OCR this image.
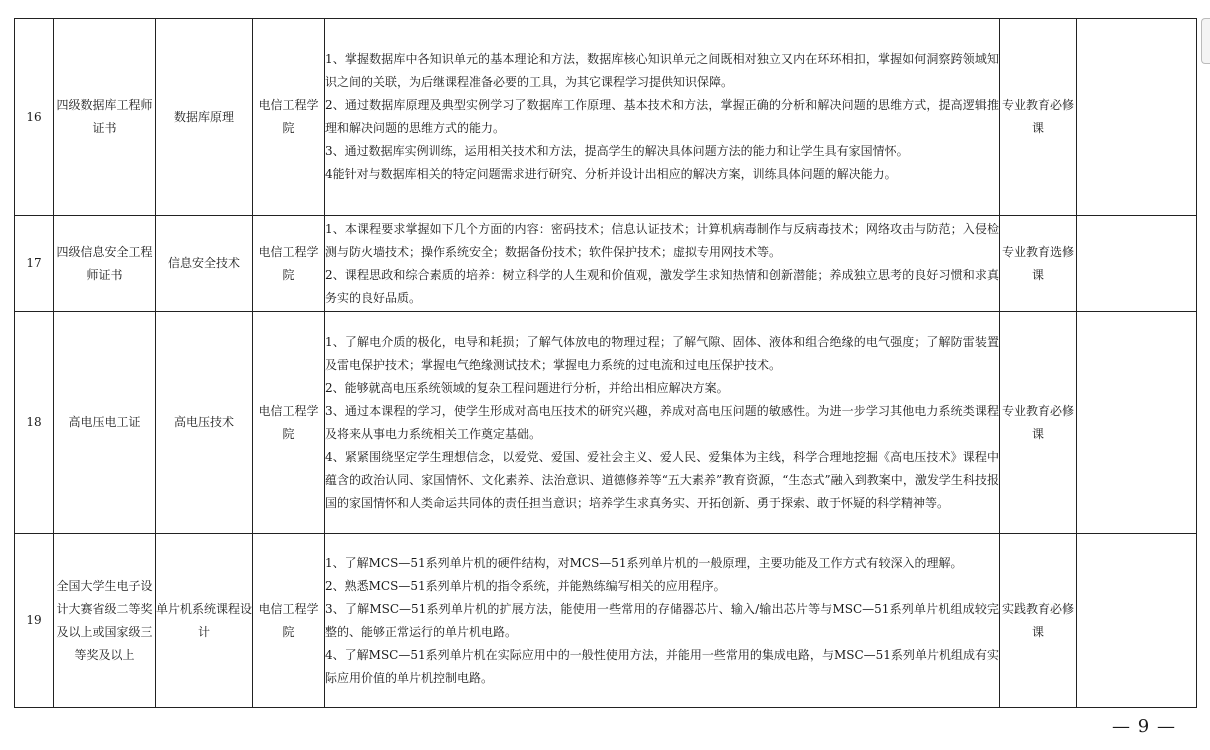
16	四级数据库工程师证书	数据库原理	电信工程学院	1、掌握数据库中各知识单元的基本理论和方法，数据库核心知识单元之间既相对独立又内在环环相扣，掌握如何洞察跨领域知识之间的关联，为后继课程准备必要的工具，为其它课程学习提供知识保障。

2、通过数据库原理及典型实例学习了数据库工作原理、基本技术和方法，掌握正确的分析和解决问题的思维方式，提高逻辑推理和解决问题的思维方式的能力。

3、通过数据库实例训练，运用相关技术和方法，提高学生的解决具体问题方法的能力和让学生具有家国情怀。

4能针对与数据库相关的特定问题需求进行研究、分析并设计出相应的解决方案，训练具体问题的解决能力。	专业教育必修课	
17	四级信息安全工程师证书	信息安全技术	电信工程学院	1、本课程要求掌握如下几个方面的内容：密码技术；信息认证技术；计算机病毒制作与反病毒技术；网络攻击与防范；入侵检测与防火墙技术；操作系统安全；数据备份技术；软件保护技术；虚拟专用网技术等。

2、课程思政和综合素质的培养：树立科学的人生观和价值观，激发学生求知热情和创新潜能；养成独立思考的良好习惯和求真务实的良好品质。	专业教育选修课	
18	高电压电工证	高电压技术	电信工程学院	1、了解电介质的极化，电导和耗损；了解气体放电的物理过程；了解气隙、固体、液体和组合绝缘的电气强度；了解防雷装置及雷电保护技术；掌握电气绝缘测试技术；掌握电力系统的过电流和过电压保护技术。

2、能够就高电压系统领域的复杂工程问题进行分析，并给出相应解决方案。

3、通过本课程的学习，使学生形成对高电压技术的研究兴趣，养成对高电压问题的敏感性。为进一步学习其他电力系统类课程及将来从事电力系统相关工作奠定基础。

4、紧紧围绕坚定学生理想信念，以爱党、爱国、爱社会主义、爱人民、爱集体为主线，科学合理地挖掘《高电压技术》课程中蕴含的政治认同、家国情怀、文化素养、法治意识、道德修养等“五大素养”教育资源，“生态式”融入到教案中，激发学生科技报国的家国情怀和人类命运共同体的责任担当意识；培养学生求真务实、开拓创新、勇于探索、敢于怀疑的科学精神等。	专业教育必修课	
19	全国大学生电子设计大赛省级二等奖及以上或国家级三等奖及以上	单片机系统课程设计	电信工程学院	1、了解MCS—51系列单片机的硬件结构，对MCS—51系列单片机的一般原理，主要功能及工作方式有较深入的理解。

2、熟悉MCS—51系列单片机的指令系统，并能熟练编写相关的应用程序。

3、了解MSC—51系列单片机的扩展方法，能使用一些常用的存储器芯片、输入/输出芯片等与MSC—51系列单片机组成较完整的、能够正常运行的单片机电路。

4、了解MSC—51系列单片机在实际应用中的一般性使用方法，并能用一些常用的集成电路，与MSC—51系列单片机组成有实际应用价值的单片机控制电路。	实践教育必修课	
— 9 —
